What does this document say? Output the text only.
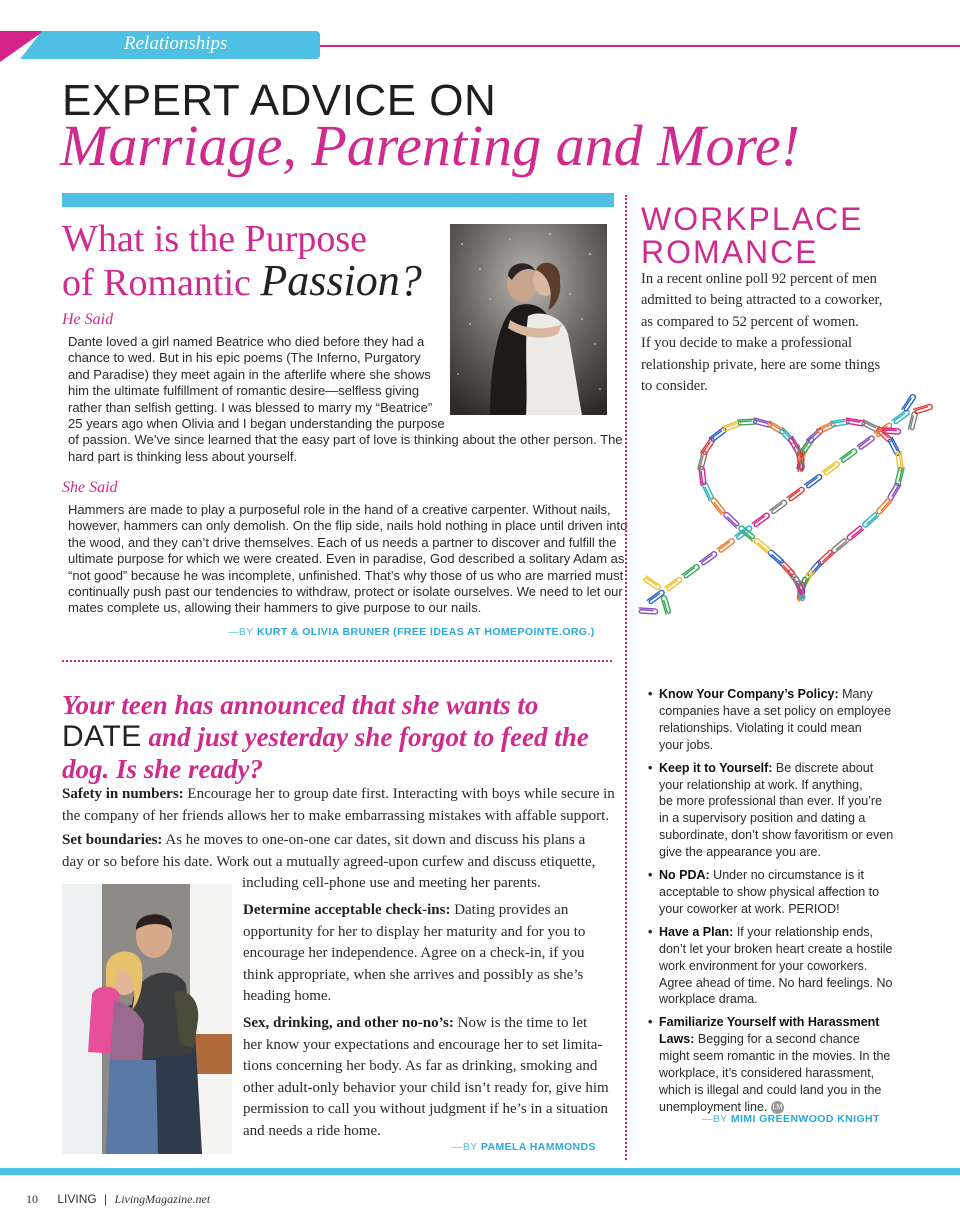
Relationships
EXPERT ADVICE ON
Marriage, Parenting and More!
What is the Purpose
of Romantic Passion?
He Said

Dante loved a girl named Beatrice who died before they had a

chance to wed. But in his epic poems (The Inferno, Purgatory

and Paradise) they meet again in the afterlife where she shows

him the ultimate fulfillment of romantic desire—selfless giving

rather than selfish getting. I was blessed to marry my “Beatrice”

25 years ago when Olivia and I began understanding the purpose

of passion. We’ve since learned that the easy part of love is thinking about the other person. The

hard part is thinking less about yourself.

She Said

Hammers are made to play a purposeful role in the hand of a creative carpenter. Without nails,

however, hammers can only demolish. On the flip side, nails hold nothing in place until driven into

the wood, and they can’t drive themselves. Each of us needs a partner to discover and fulfill the

ultimate purpose for which we were created. Even in paradise, God described a solitary Adam as

“not good” because he was incomplete, unfinished. That’s why those of us who are married must

continually push past our tendencies to withdraw, protect or isolate ourselves. We need to let our

mates complete us, allowing their hammers to give purpose to our nails.

—BY KURT & OLIVIA BRUNER (FREE IDEAS AT HOMEPOINTE.ORG.)
Your teen has announced that she wants to
DATE and just yesterday she forgot to feed the
dog. Is she ready?

Safety in numbers: Encourage her to group date first. Interacting with boys while secure in

the company of her friends allows her to make embarrassing mistakes with affable support.

Set boundaries: As he moves to one-on-one car dates, sit down and discuss his plans a

day or so before his date. Work out a mutually agreed-upon curfew and discuss etiquette,

including cell-phone use and meeting her parents.

Determine acceptable check-ins: Dating provides an

opportunity for her to display her maturity and for you to

encourage her independence. Agree on a check-in, if you

think appropriate, when she arrives and possibly as she’s

heading home.

Sex, drinking, and other no-no’s: Now is the time to let

her know your expectations and encourage her to set limita-

tions concerning her body. As far as drinking, smoking and

other adult-only behavior your child isn’t ready for, give him

permission to call you without judgment if he’s in a situation

and needs a ride home.

—BY PAMELA HAMMONDS
WORKPLACE
ROMANCE

In a recent online poll 92 percent of men

admitted to being attracted to a coworker,

as compared to 52 percent of women.

If you decide to make a professional

relationship private, here are some things

to consider.

• Know Your Company’s Policy: Many

companies have a set policy on employee

relationships. Violating it could mean

your jobs.

• Keep it to Yourself: Be discrete about

your relationship at work. If anything,

be more professional than ever. If you’re

in a supervisory position and dating a

subordinate, don’t show favoritism or even

give the appearance you are.

• No PDA: Under no circumstance is it

acceptable to show physical affection to

your coworker at work. PERIOD!

• Have a Plan: If your relationship ends,

don’t let your broken heart create a hostile

work environment for your coworkers.

Agree ahead of time. No hard feelings. No

workplace drama.

• Familiarize Yourself with Harassment

Laws: Begging for a second chance

might seem romantic in the movies. In the

workplace, it’s considered harassment,

which is illegal and could land you in the

unemployment line. LM

—BY MIMI GREENWOOD KNIGHT
10 LIVING | LivingMagazine.net
